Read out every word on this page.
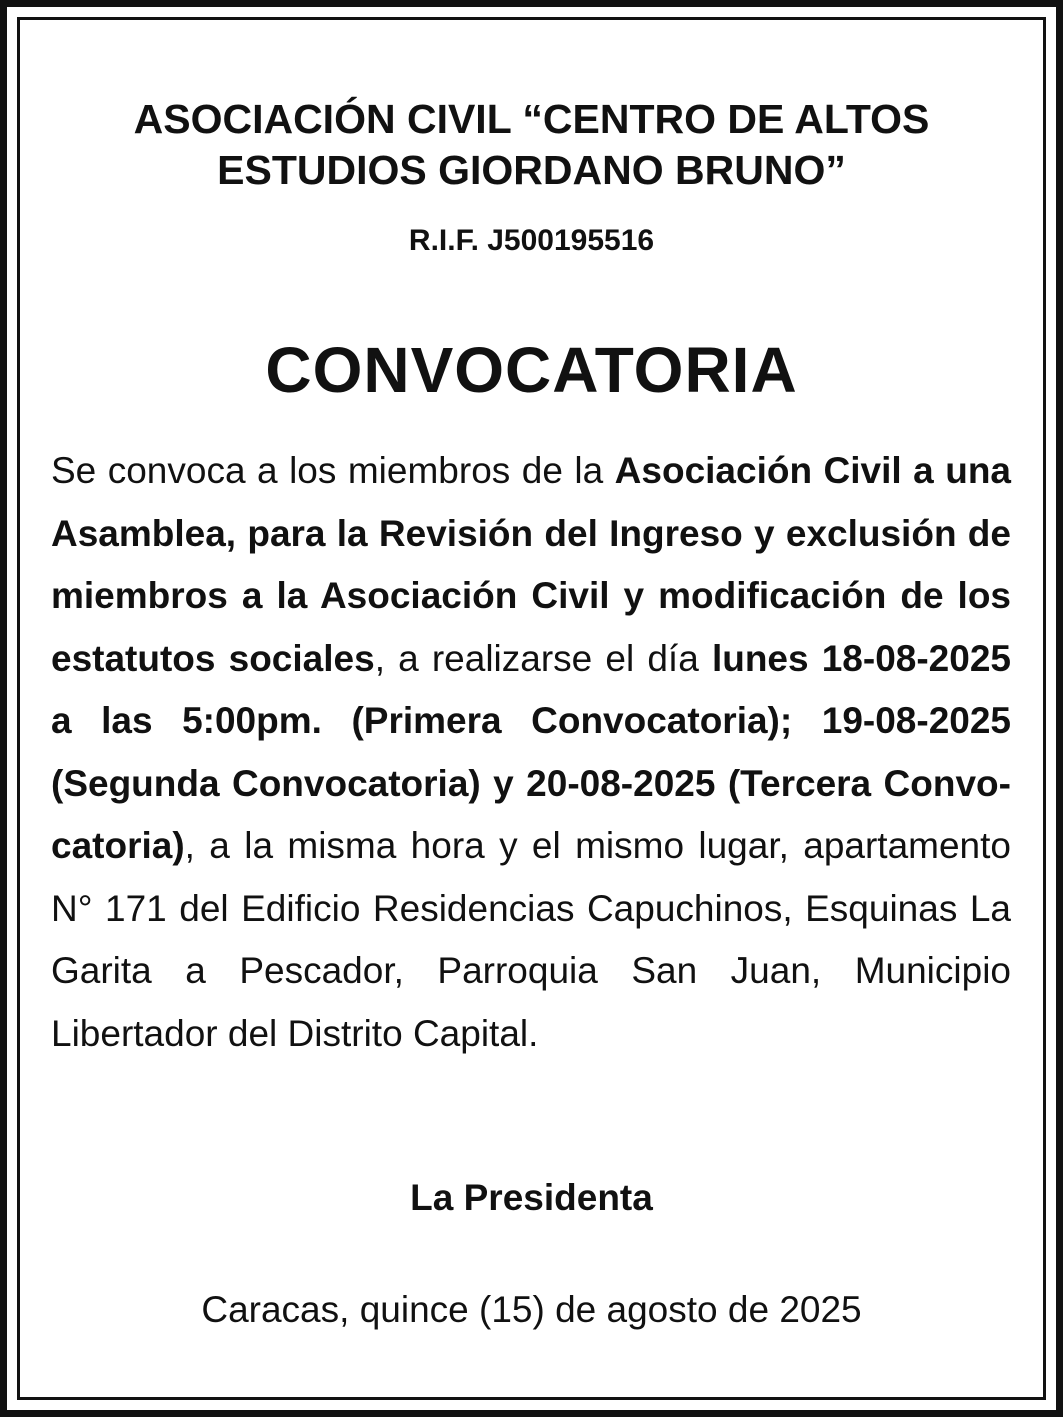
ASOCIACIÓN CIVIL “CENTRO DE ALTOS
ESTUDIOS GIORDANO BRUNO”

R.I.F. J500195516

CONVOCATORIA

Se convoca a los miembros de la Asociación Civil a una Asamblea, para la Revisión del Ingreso y exclusión de miembros a la Asociación Civil y modificación de los estatutos sociales, a realizarse el día lunes 18-08-2025 a las 5:00pm. (Primera Convocatoria); 19-08-2025 (Segunda Convocatoria) y 20-08-2025 (Tercera Convocatoria), a la misma hora y el mismo lugar, apartamento N° 171 del Edificio Residencias Capuchinos, Esquinas La Garita a Pescador, Parroquia San Juan, Municipio Libertador del Distrito Capital.

La Presidenta

Caracas, quince (15) de agosto de 2025
